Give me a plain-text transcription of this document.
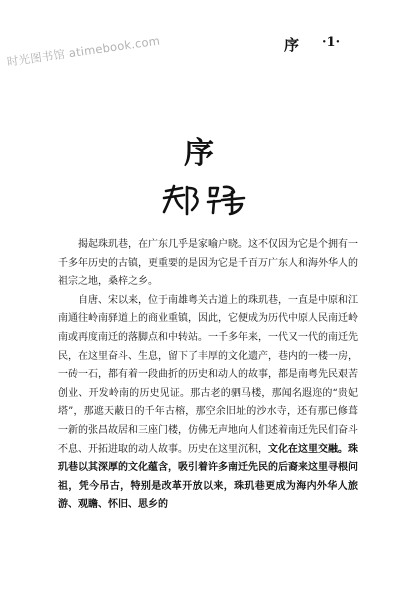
时光图书馆 atimebook.com	序 ·1·
序

揭起珠玑巷，在广东几乎是家喻户晓。这不仅因为它是个拥有一千多年历史的古镇，更重要的是因为它是千百万广东人和海外华人的祖宗之地，桑梓之乡。

自唐、宋以来，位于南雄粤关古道上的珠玑巷，一直是中原和江南通往岭南驿道上的商业重镇，因此，它便成为历代中原人民南迁岭南或再度南迁的落脚点和中转站。一千多年来，一代又一代的南迁先民，在这里奋斗、生息，留下了丰厚的文化遗产，巷内的一楼一房，一砖一石，都有着一段曲折的历史和动人的故事，都是南粤先民艰苦创业、开发岭南的历史见证。那古老的驷马楼，那闻名遐迩的“贵妃塔”，那遮天蔽日的千年古榕，那空余旧址的沙水寺，还有那已修葺一新的张昌故居和三座门楼，仿佛无声地向人们述着南迁先民们奋斗不息、开拓进取的动人故事。历史在这里沉积，文化在这里交融。珠玑巷以其深厚的文化蕴含，吸引着许多南迁先民的后裔来这里寻根问祖，凭今吊古，特别是改革开放以来，珠玑巷更成为海内外华人旅游、观瞻、怀旧、思乡的
